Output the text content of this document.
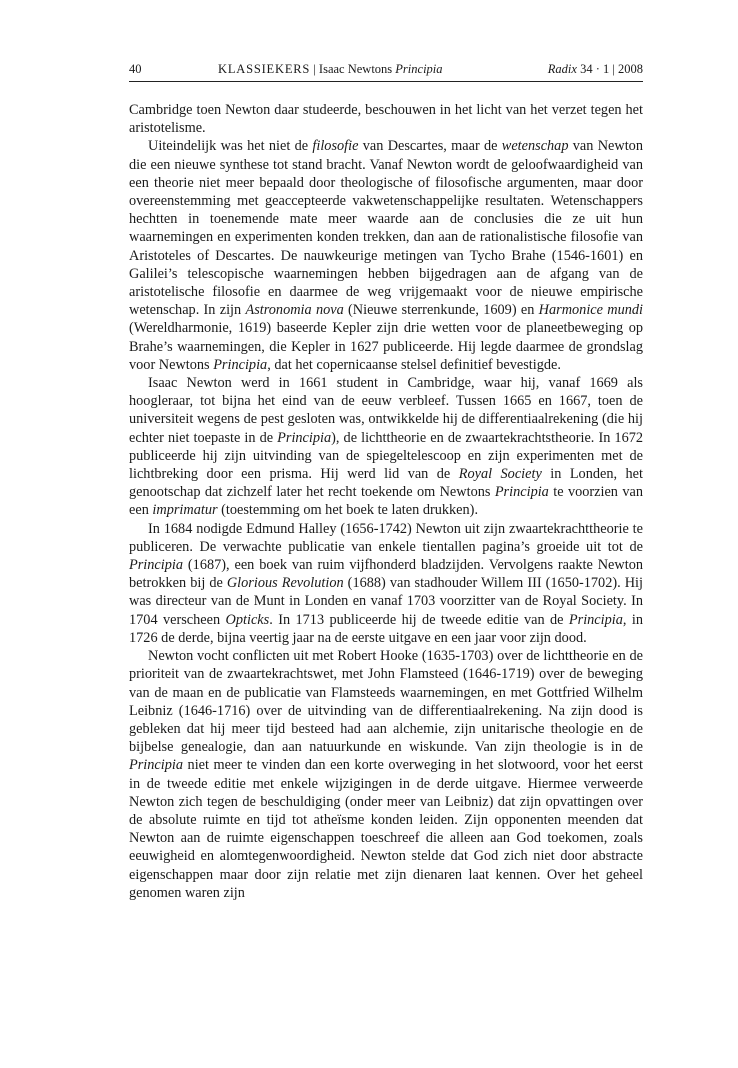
40	KLASSIEKERS | Isaac Newtons Principia	Radix 34 · 1 | 2008

Cambridge toen Newton daar studeerde, beschouwen in het licht van het verzet tegen het aristotelisme.

Uiteindelijk was het niet de filosofie van Descartes, maar de wetenschap van Newton die een nieuwe synthese tot stand bracht. Vanaf Newton wordt de geloofwaardigheid van een theorie niet meer bepaald door theologische of filosofische argumenten, maar door overeenstemming met geaccepteerde vakwetenschappelijke resultaten. Wetenschappers hechtten in toenemende mate meer waarde aan de conclusies die ze uit hun waarnemingen en experimenten konden trekken, dan aan de rationalistische filosofie van Aristoteles of Descartes. De nauwkeurige metingen van Tycho Brahe (1546-1601) en Galilei’s telescopische waarnemingen hebben bijgedragen aan de afgang van de aristotelische filosofie en daarmee de weg vrijgemaakt voor de nieuwe empirische wetenschap. In zijn Astronomia nova (Nieuwe sterrenkunde, 1609) en Harmonice mundi (Wereldharmonie, 1619) baseerde Kepler zijn drie wetten voor de planeetbeweging op Brahe’s waarnemingen, die Kepler in 1627 publiceerde. Hij legde daarmee de grondslag voor Newtons Principia, dat het copernicaanse stelsel definitief bevestigde.

Isaac Newton werd in 1661 student in Cambridge, waar hij, vanaf 1669 als hoogleraar, tot bijna het eind van de eeuw verbleef. Tussen 1665 en 1667, toen de universiteit wegens de pest gesloten was, ontwikkelde hij de differentiaalrekening (die hij echter niet toepaste in de Principia), de lichttheorie en de zwaartekrachtstheorie. In 1672 publiceerde hij zijn uitvinding van de spiegeltelescoop en zijn experimenten met de lichtbreking door een prisma. Hij werd lid van de Royal Society in Londen, het genootschap dat zichzelf later het recht toekende om Newtons Principia te voorzien van een imprimatur (toestemming om het boek te laten drukken).

In 1684 nodigde Edmund Halley (1656-1742) Newton uit zijn zwaartekrachttheorie te publiceren. De verwachte publicatie van enkele tientallen pagina’s groeide uit tot de Principia (1687), een boek van ruim vijfhonderd bladzijden. Vervolgens raakte Newton betrokken bij de Glorious Revolution (1688) van stadhouder Willem III (1650-1702). Hij was directeur van de Munt in Londen en vanaf 1703 voorzitter van de Royal Society. In 1704 verscheen Opticks. In 1713 publiceerde hij de tweede editie van de Principia, in 1726 de derde, bijna veertig jaar na de eerste uitgave en een jaar voor zijn dood.

Newton vocht conflicten uit met Robert Hooke (1635-1703) over de lichttheorie en de prioriteit van de zwaartekrachtswet, met John Flamsteed (1646-1719) over de beweging van de maan en de publicatie van Flamsteeds waarnemingen, en met Gottfried Wilhelm Leibniz (1646-1716) over de uitvinding van de differentiaalrekening. Na zijn dood is gebleken dat hij meer tijd besteed had aan alchemie, zijn unitarische theologie en de bijbelse genealogie, dan aan natuurkunde en wiskunde. Van zijn theologie is in de Principia niet meer te vinden dan een korte overweging in het slotwoord, voor het eerst in de tweede editie met enkele wijzigingen in de derde uitgave. Hiermee verweerde Newton zich tegen de beschuldiging (onder meer van Leibniz) dat zijn opvattingen over de absolute ruimte en tijd tot atheïsme konden leiden. Zijn opponenten meenden dat Newton aan de ruimte eigenschappen toeschreef die alleen aan God toekomen, zoals eeuwigheid en alomtegenwoordigheid. Newton stelde dat God zich niet door abstracte eigenschappen maar door zijn relatie met zijn dienaren laat kennen. Over het geheel genomen waren zijn
